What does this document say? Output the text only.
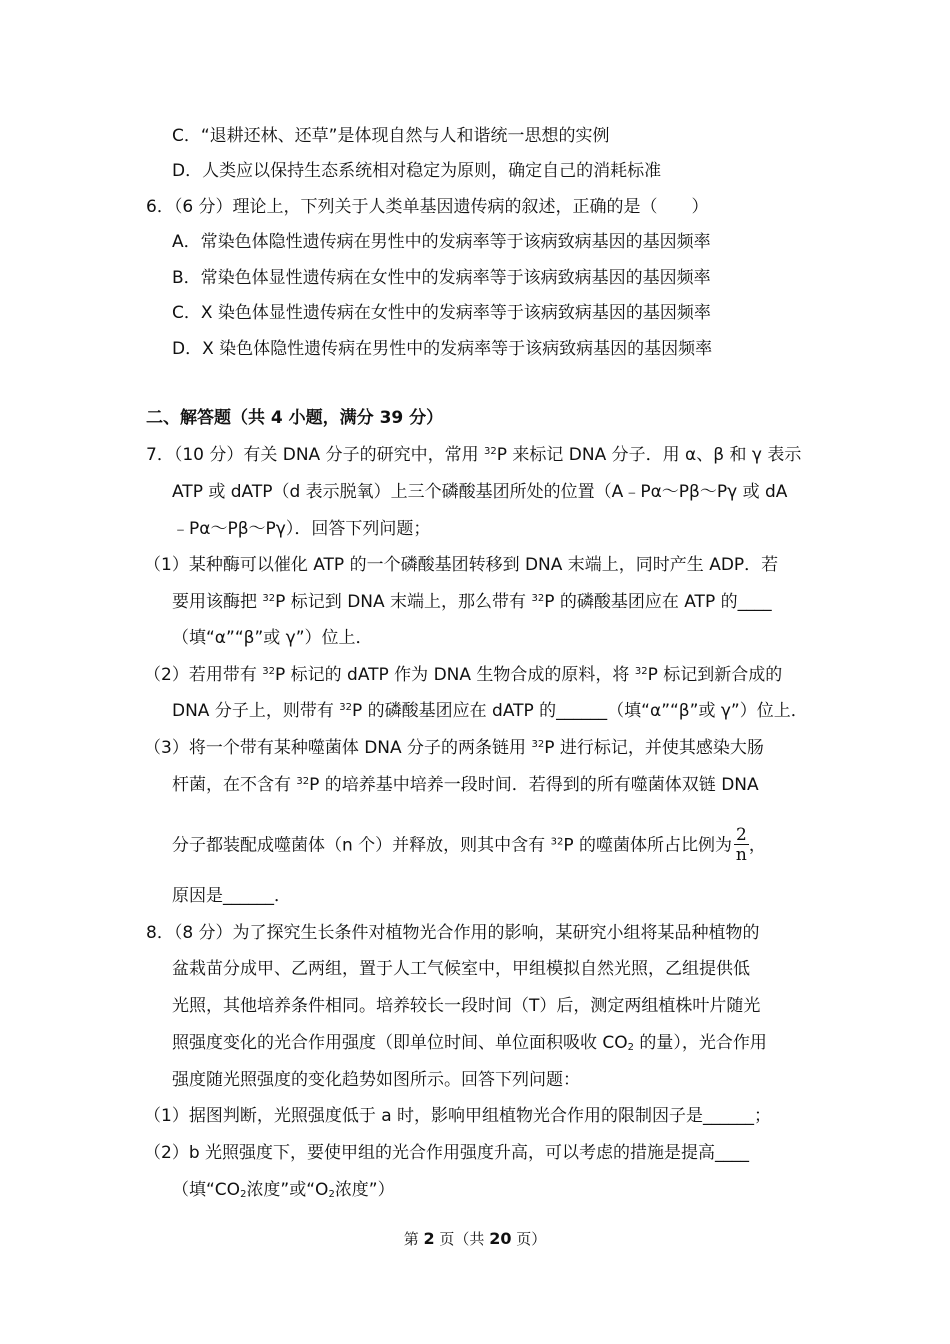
C．“退耕还林、还草”是体现自然与人和谐统一思想的实例
D．人类应以保持生态系统相对稳定为原则，确定自己的消耗标准
6．（6 分）理论上，下列关于人类单基因遗传病的叙述，正确的是（　　）
A．常染色体隐性遗传病在男性中的发病率等于该病致病基因的基因频率
B．常染色体显性遗传病在女性中的发病率等于该病致病基因的基因频率
C．X 染色体显性遗传病在女性中的发病率等于该病致病基因的基因频率
D．X 染色体隐性遗传病在男性中的发病率等于该病致病基因的基因频率
二、解答题（共 4 小题，满分 39 分）
7．（10 分）有关 DNA 分子的研究中，常用 $^{32}$P 来标记 DNA 分子．用 α、β 和 γ 表示
ATP 或 dATP（d 表示脱氧）上三个磷酸基团所处的位置（A﹣Pα～Pβ～Pγ 或 dA
﹣Pα～Pβ～Pγ）．回答下列问题；
（1）某种酶可以催化 ATP 的一个磷酸基团转移到 DNA 末端上，同时产生 ADP．若
要用该酶把 $^{32}$P 标记到 DNA 末端上，那么带有 $^{32}$P 的磷酸基团应在 ATP 的____
（填“α”“β”或 γ”）位上．
（2）若用带有 $^{32}$P 标记的 dATP 作为 DNA 生物合成的原料，将 $^{32}$P 标记到新合成的
DNA 分子上，则带有 $^{32}$P 的磷酸基团应在 dATP 的______（填“α”“β”或 γ”）位上．
（3）将一个带有某种噬菌体 DNA 分子的两条链用 $^{32}$P 进行标记，并使其感染大肠
杆菌，在不含有 $^{32}$P 的培养基中培养一段时间．若得到的所有噬菌体双链 DNA
分子都装配成噬菌体（n 个）并释放，则其中含有 $^{32}$P 的噬菌体所占比例为 $\frac{2}{n}$ ，
原因是______．
8．（8 分）为了探究生长条件对植物光合作用的影响，某研究小组将某品种植物的
盆栽苗分成甲、乙两组，置于人工气候室中，甲组模拟自然光照，乙组提供低
光照，其他培养条件相同。培养较长一段时间（T）后，测定两组植株叶片随光
照强度变化的光合作用强度（即单位时间、单位面积吸收 $CO_2$ 的量），光合作用
强度随光照强度的变化趋势如图所示。回答下列问题：
（1）据图判断，光照强度低于 a 时，影响甲组植物光合作用的限制因子是______；
（2）b 光照强度下，要使甲组的光合作用强度升高，可以考虑的措施是提高____
（填“$CO_2$浓度”或“$O_2$浓度”）
第 2 页（共 20 页）
